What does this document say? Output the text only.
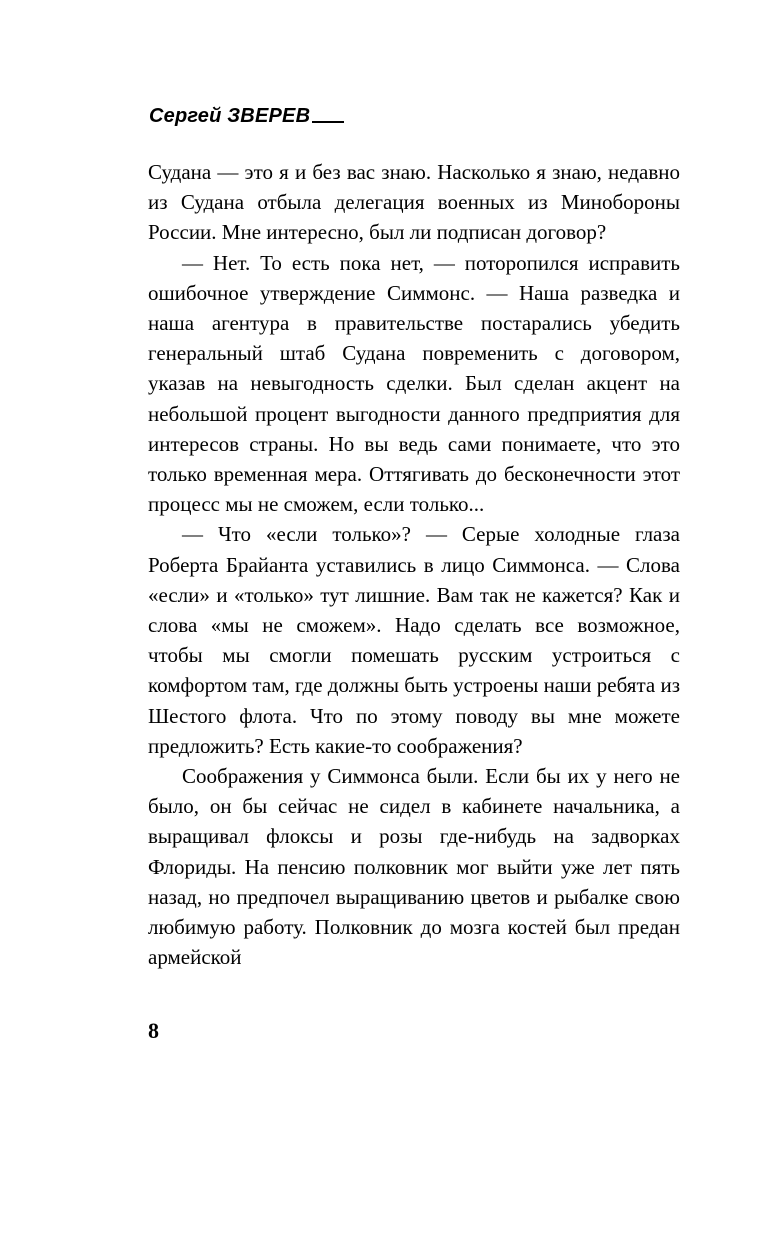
Сергей ЗВЕРЕВ

Судана — это я и без вас знаю. Насколько я знаю, недавно из Судана отбыла делегация военных из Минобороны России. Мне интересно, был ли подписан договор?

— Нет. То есть пока нет, — поторопился исправить ошибочное утверждение Симмонс. — Наша разведка и наша агентура в правительстве постарались убедить генеральный штаб Судана повременить с договором, указав на невыгодность сделки. Был сделан акцент на небольшой процент выгодности данного предприятия для интересов страны. Но вы ведь сами понимаете, что это только временная мера. Оттягивать до бесконечности этот процесс мы не сможем, если только...

— Что «если только»? — Серые холодные глаза Роберта Брайанта уставились в лицо Симмонса. — Слова «если» и «только» тут лишние. Вам так не кажется? Как и слова «мы не сможем». Надо сделать все возможное, чтобы мы смогли помешать русским устроиться с комфортом там, где должны быть устроены наши ребята из Шестого флота. Что по этому поводу вы мне можете предложить? Есть какие-то соображения?

Соображения у Симмонса были. Если бы их у него не было, он бы сейчас не сидел в кабинете начальника, а выращивал флоксы и розы где-нибудь на задворках Флориды. На пенсию полковник мог выйти уже лет пять назад, но предпочел выращиванию цветов и рыбалке свою любимую работу. Полковник до мозга костей был предан армейской

8
